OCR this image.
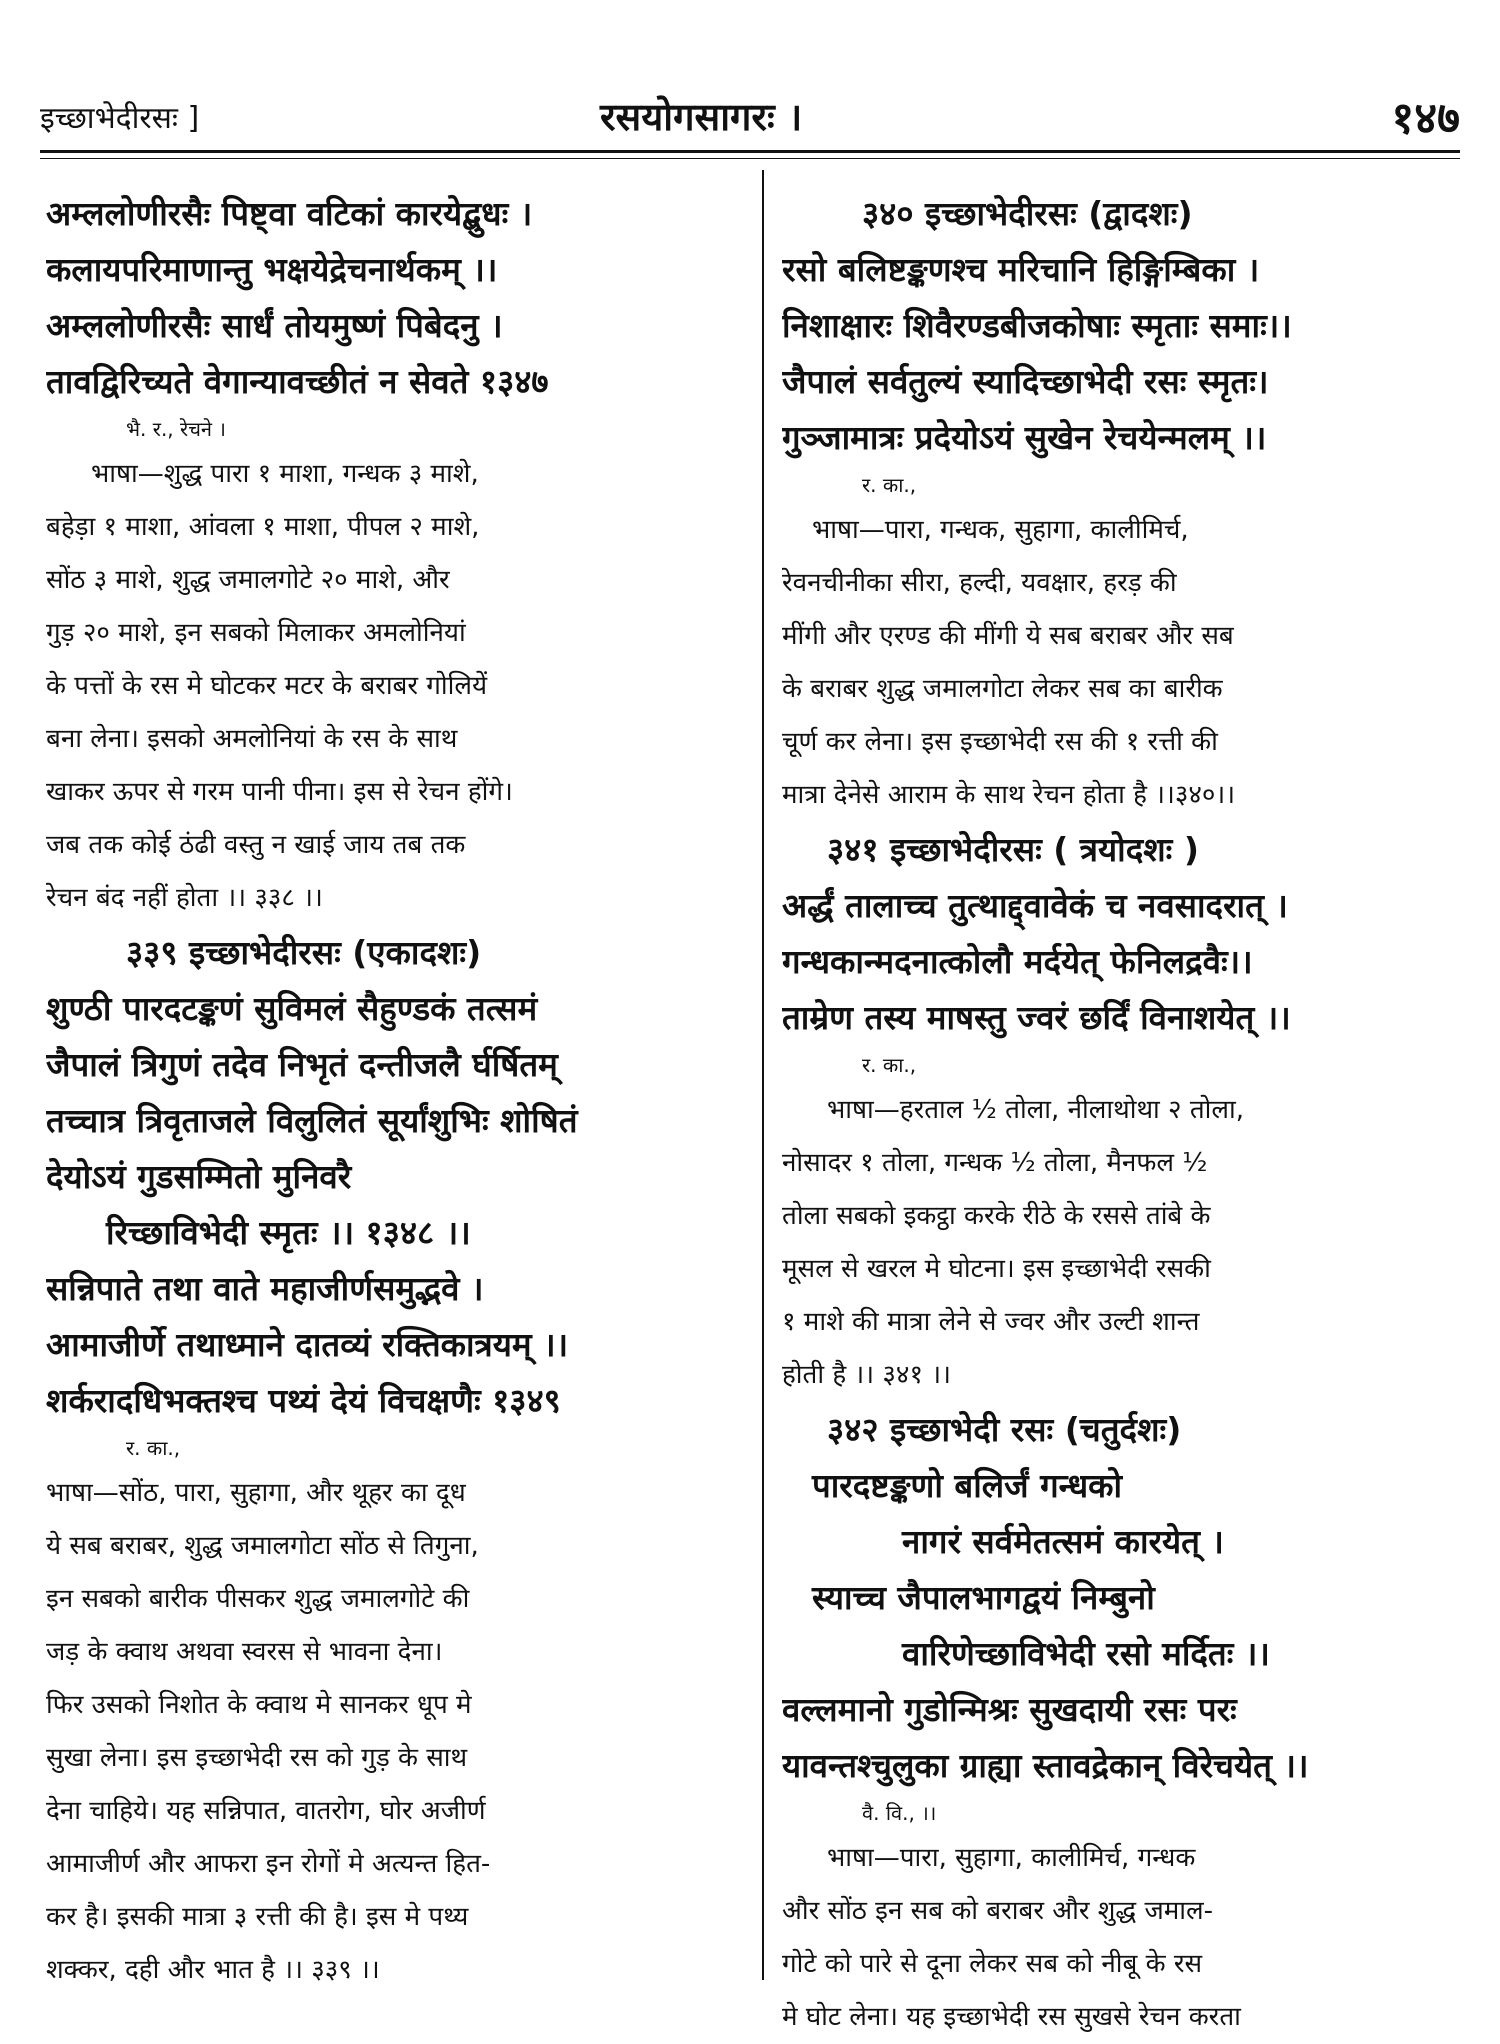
इच्छाभेदीरसः ]	रसयोगसागरः ।	१४७
अम्ललोणीरसैः पिष्ट्वा वटिकां कारयेद्बुधः ।
कलायपरिमाणान्तु भक्षयेद्रेचनार्थकम् ।।
अम्ललोणीरसैः सार्धं तोयमुष्णं पिबेदनु ।
तावद्विरिच्यते वेगान्यावच्छीतं न सेवते १३४७
भै. र., रेचने ।
भाषा—शुद्ध पारा १ माशा, गन्धक ३ माशे,
बहेड़ा १ माशा, आंवला १ माशा, पीपल २ माशे,
सोंठ ३ माशे, शुद्ध जमालगोटे २० माशे, और
गुड़ २० माशे, इन सबको मिलाकर अमलोनियां
के पत्तों के रस मे घोटकर मटर के बराबर गोलियें
बना लेना। इसको अमलोनियां के रस के साथ
खाकर ऊपर से गरम पानी पीना। इस से रेचन होंगे।
जब तक कोई ठंढी वस्तु न खाई जाय तब तक
रेचन बंद नहीं होता ।। ३३८ ।।
३३९ इच्छाभेदीरसः (एकादशः)
शुण्ठी पारदटङ्कणं सुविमलं सैहुण्डकं तत्समं
जैपालं त्रिगुणं तदेव निभृतं दन्तीजलै र्घर्षितम्
तच्चात्र त्रिवृताजले विलुलितं सूर्यांशुभिः शोषितं
देयोऽयं गुडसम्मितो मुनिवरै
रिच्छाविभेदी स्मृतः ।। १३४८ ।।
सन्निपाते तथा वाते महाजीर्णसमुद्भवे ।
आमाजीर्णे तथाध्माने दातव्यं रक्तिकात्रयम् ।।
शर्करादधिभक्तश्च पथ्यं देयं विचक्षणैः १३४९
र. का.,
भाषा—सोंठ, पारा, सुहागा, और थूहर का दूध
ये सब बराबर, शुद्ध जमालगोटा सोंठ से तिगुना,
इन सबको बारीक पीसकर शुद्ध जमालगोटे की
जड़ के क्वाथ अथवा स्वरस से भावना देना।
फिर उसको निशोत के क्वाथ मे सानकर धूप मे
सुखा लेना। इस इच्छाभेदी रस को गुड़ के साथ
देना चाहिये। यह सन्निपात, वातरोग, घोर अजीर्ण
आमाजीर्ण और आफरा इन रोगों मे अत्यन्त हित-
कर है। इसकी मात्रा ३ रत्ती की है। इस मे पथ्य
शक्कर, दही और भात है ।। ३३९ ।।
३४० इच्छाभेदीरसः (द्वादशः)
रसो बलिष्टङ्कणश्च मरिचानि हिङ्गिम्बिका ।
निशाक्षारः शिवैरण्डबीजकोषाः स्मृताः समाः।।
जैपालं सर्वतुल्यं स्यादिच्छाभेदी रसः स्मृतः।
गुञ्जामात्रः प्रदेयोऽयं सुखेन रेचयेन्मलम् ।।
र. का.,
भाषा—पारा, गन्धक, सुहागा, कालीमिर्च,
रेवनचीनीका सीरा, हल्दी, यवक्षार, हरड़ की
मींगी और एरण्ड की मींगी ये सब बराबर और सब
के बराबर शुद्ध जमालगोटा लेकर सब का बारीक
चूर्ण कर लेना। इस इच्छाभेदी रस की १ रत्ती की
मात्रा देनेसे आराम के साथ रेचन होता है ।।३४०।।
३४१ इच्छाभेदीरसः ( त्रयोदशः )
अर्द्धं तालाच्च तुत्थाद्द्वावेकं च नवसादरात् ।
गन्धकान्मदनात्कोलौ मर्दयेत् फेनिलद्रवैः।।
ताम्रेण तस्य माषस्तु ज्वरं छर्दिं विनाशयेत् ।।
र. का.,
भाषा—हरताल ½ तोला, नीलाथोथा २ तोला,
नोसादर १ तोला, गन्धक ½ तोला, मैनफल ½
तोला सबको इकट्ठा करके रीठे के रससे तांबे के
मूसल से खरल मे घोटना। इस इच्छाभेदी रसकी
१ माशे की मात्रा लेने से ज्वर और उल्टी शान्त
होती है ।। ३४१ ।।
३४२ इच्छाभेदी रसः (चतुर्दशः)
पारदष्टङ्कणो बलिर्जं गन्धको
नागरं सर्वमेतत्समं कारयेत् ।
स्याच्च जैपालभागद्वयं निम्बुनो
वारिणेच्छाविभेदी रसो मर्दितः ।।
वल्लमानो गुडोन्मिश्रः सुखदायी रसः परः
यावन्तश्चुलुका ग्राह्या स्तावद्रेकान् विरेचयेत् ।।
वै. वि., ।।
भाषा—पारा, सुहागा, कालीमिर्च, गन्धक
और सोंठ इन सब को बराबर और शुद्ध जमाल-
गोटे को पारे से दूना लेकर सब को नीबू के रस
मे घोट लेना। यह इच्छाभेदी रस सुखसे रेचन करता
